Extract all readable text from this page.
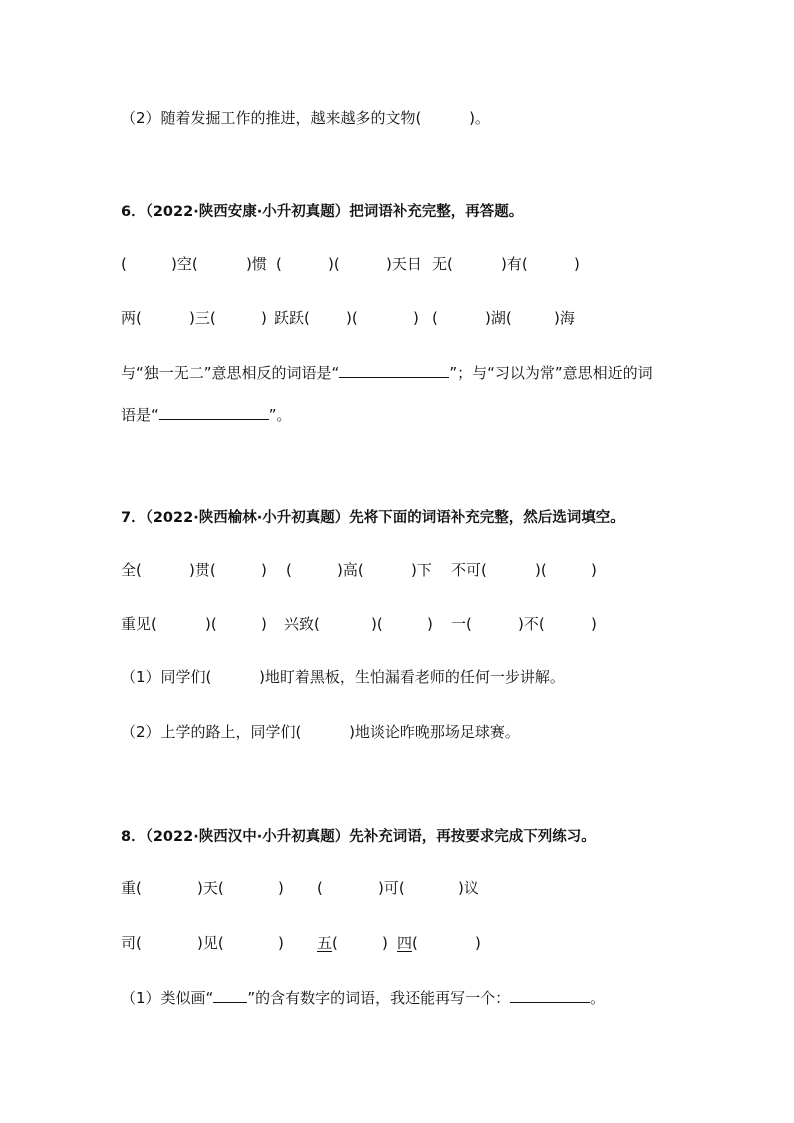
（2）随着发掘工作的推进，越来越多的文物(          )。
6．（2022·陕西安康·小升初真题）把词语补充完整，再答题。
(	)空(	)惯 (	)(	)天日 无(	)有(	)
两(	)三(	) 跃跃( )(	) (	)湖(	)海
与“独一无二”意思相反的词语是“	”；与“习以为常”意思相近的词
语是“	”。
7．（2022·陕西榆林·小升初真题）先将下面的词语补充完整，然后选词填空。
全(	)贯(	) (	)高(	)下 不可(	)(	)
重见(	)(	) 兴致(	)(	) 一(	)不(	)
（1）同学们(          )地盯着黑板，生怕漏看老师的任何一步讲解。
（2）上学的路上，同学们(          )地谈论昨晚那场足球赛。
8．（2022·陕西汉中·小升初真题）先补充词语，再按要求完成下列练习。
重(	)天(	) (	)可(	)议
司(	)见(	) 五 (	) 四 (	)
（1）类似画“ ”的含有数字的词语，我还能再写一个：	。
